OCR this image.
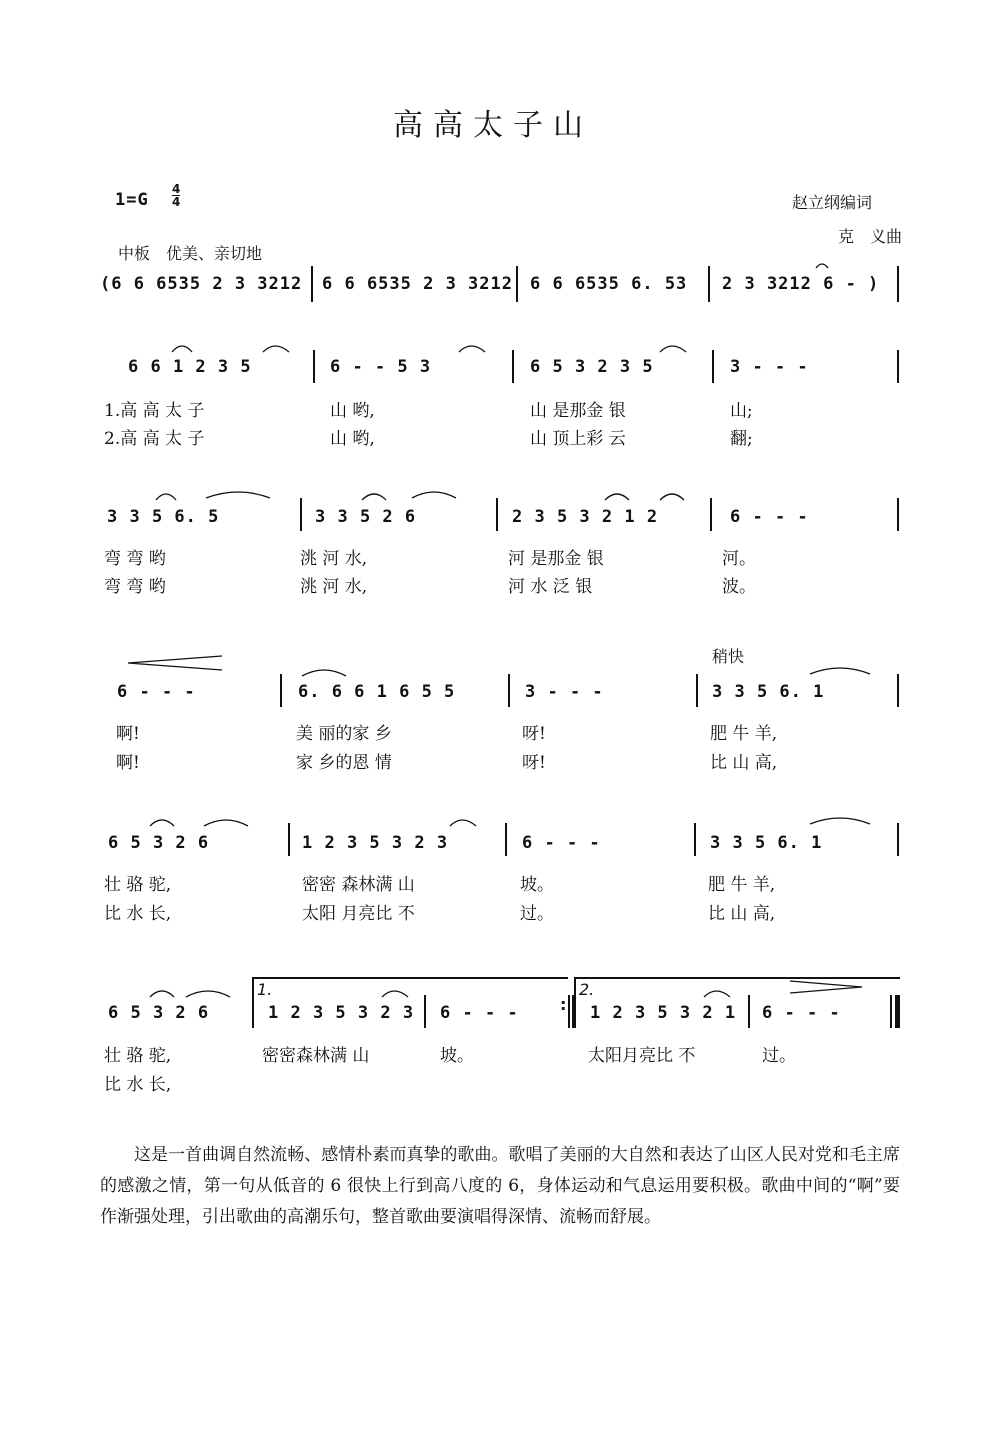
高高太子山
1=G
4
4	赵立纲编词
克　义曲
中板　优美、亲切地
(6 6 6535 2 3 3212 6 6 6535 2 3 3212 6 6 6535 6. 53 2 3 3212 6 - )
6 6 1 2 3 5	6 - - 5 3	6 5 3 2 3 5	3 - - -
1.高 高 太 子	山 哟,	山 是那金 银	山;
2.高 高 太 子	山 哟,	山 顶上彩 云	翻;
3 3 5 6. 5	3 3 5 2 6	2 3 5 3 2 1 2	6 - - -
弯 弯 哟	洮 河 水,	河 是那金 银	河。
弯 弯 哟	洮 河 水,	河 水 泛 银	波。
稍快
6 - - -	6. 6 6 1 6 5 5	3 - - -	3 3 5 6. 1
啊!	美 丽的家 乡	呀!	肥 牛 羊,
啊!	家 乡的恩 情	呀!	比 山 高,
6 5 3 2 6	1 2 3 5 3 2 3	6 - - -	3 3 5 6. 1
壮 骆 驼,	密密 森林满 山	坡。	肥 牛 羊,
比 水 长,	太阳 月亮比 不	过。	比 山 高,
1.	2.
6 5 3 2 6	1 2 3 5 3 2 3 6 - - -	1 2 3 5 3 2 1 6 - - -
:
壮 骆 驼,	密密森林满 山	坡。	太阳月亮比 不	过。
比 水 长,
这是一首曲调自然流畅、感情朴素而真挚的歌曲。歌唱了美丽的大自然和表达了山区人民对党和毛主席的感激之情，第一句从低音的 6 很快上行到高八度的 6，身体运动和气息运用要积极。歌曲中间的“啊”要作渐强处理，引出歌曲的高潮乐句，整首歌曲要演唱得深情、流畅而舒展。
